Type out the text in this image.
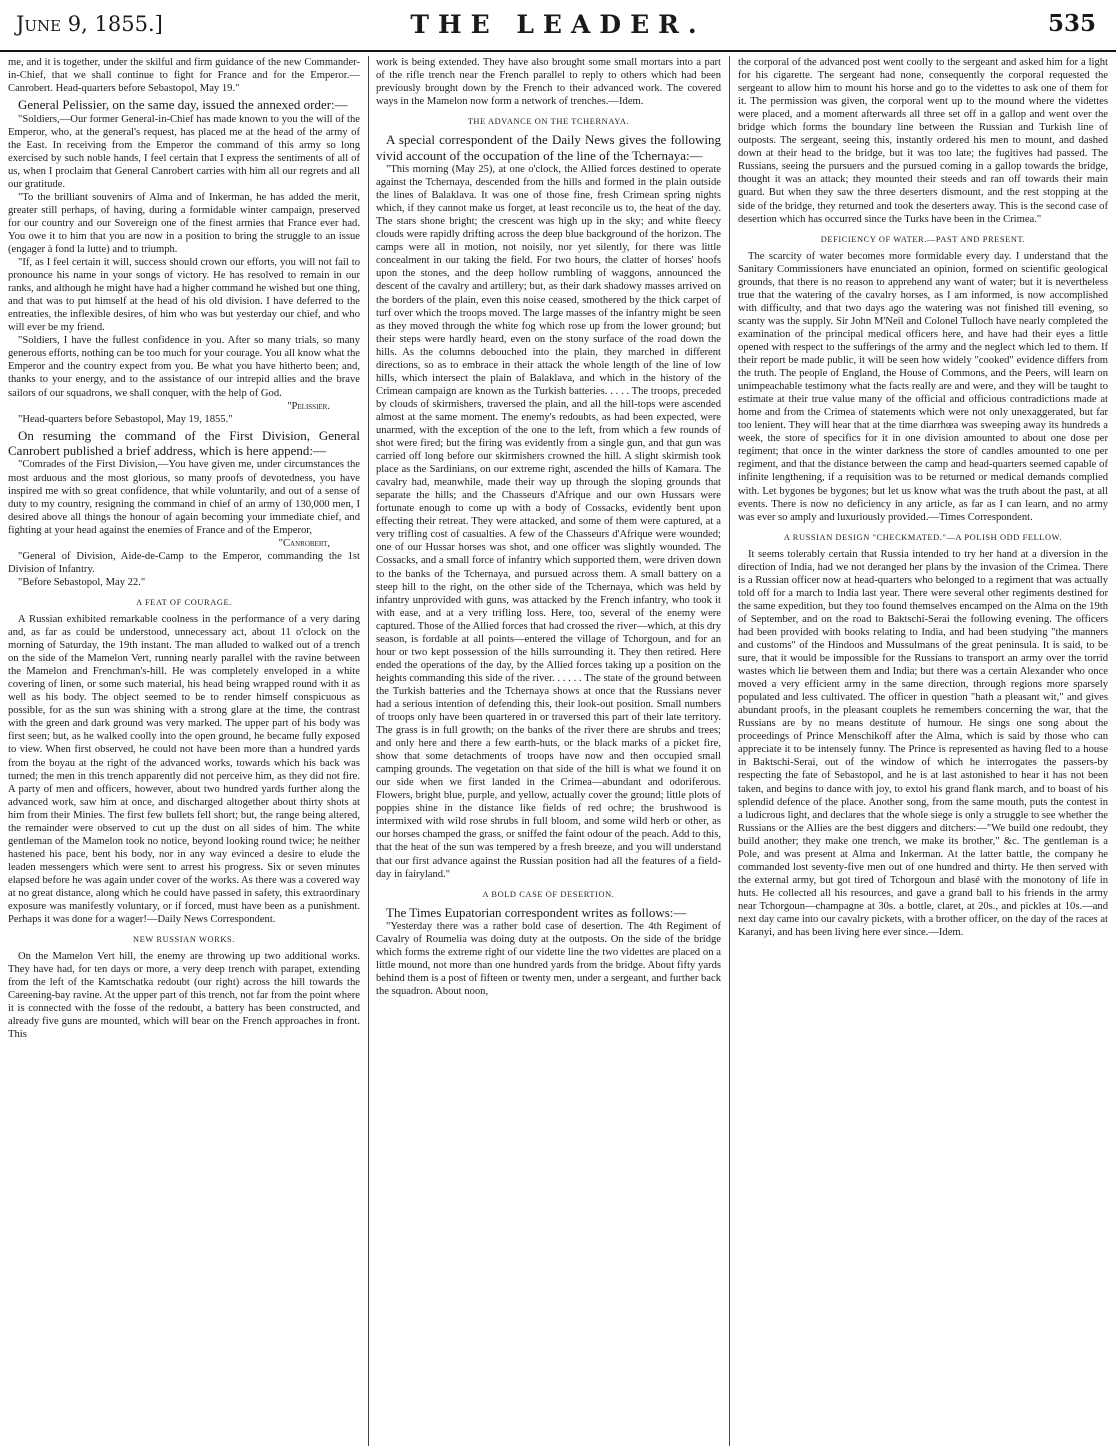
June 9, 1855.]	THE LEADER.	535

me, and it is together, under the skilful and firm guidance of the new Commander-in-Chief, that we shall continue to fight for France and for the Emperor.—Canrobert. Head-quarters before Sebastopol, May 19."

General Pelissier, on the same day, issued the annexed order:—

"Soldiers,—Our former General-in-Chief has made known to you the will of the Emperor, who, at the general's request, has placed me at the head of the army of the East. In receiving from the Emperor the command of this army so long exercised by such noble hands, I feel certain that I express the sentiments of all of us, when I proclaim that General Canrobert carries with him all our regrets and all our gratitude.

"To the brilliant souvenirs of Alma and of Inkerman, he has added the merit, greater still perhaps, of having, during a formidable winter campaign, preserved for our country and our Sovereign one of the finest armies that France ever had. You owe it to him that you are now in a position to bring the struggle to an issue (engager à fond la lutte) and to triumph.

"If, as I feel certain it will, success should crown our efforts, you will not fail to pronounce his name in your songs of victory. He has resolved to remain in our ranks, and although he might have had a higher command he wished but one thing, and that was to put himself at the head of his old division. I have deferred to the entreaties, the inflexible desires, of him who was but yesterday our chief, and who will ever be my friend.

"Soldiers, I have the fullest confidence in you. After so many trials, so many generous efforts, nothing can be too much for your courage. You all know what the Emperor and the country expect from you. Be what you have hitherto been; and, thanks to your energy, and to the assistance of our intrepid allies and the brave sailors of our squadrons, we shall conquer, with the help of God.

"Pelissier.

"Head-quarters before Sebastopol, May 19, 1855."

On resuming the command of the First Division, General Canrobert published a brief address, which is here append:—

"Comrades of the First Division,—You have given me, under circumstances the most arduous and the most glorious, so many proofs of devotedness, you have inspired me with so great confidence, that while voluntarily, and out of a sense of duty to my country, resigning the command in chief of an army of 130,000 men, I desired above all things the honour of again becoming your immediate chief, and fighting at your head against the enemies of France and of the Emperor,

"Canrobert,

"General of Division, Aide-de-Camp to the Emperor, commanding the 1st Division of Infantry.

"Before Sebastopol, May 22."

A FEAT OF COURAGE.

A Russian exhibited remarkable coolness in the performance of a very daring and, as far as could be understood, unnecessary act, about 11 o'clock on the morning of Saturday, the 19th instant. The man alluded to walked out of a trench on the side of the Mamelon Vert, running nearly parallel with the ravine between the Mamelon and Frenchman's-hill. He was completely enveloped in a white covering of linen, or some such material, his head being wrapped round with it as well as his body. The object seemed to be to render himself conspicuous as possible, for as the sun was shining with a strong glare at the time, the contrast with the green and dark ground was very marked. The upper part of his body was first seen; but, as he walked coolly into the open ground, he became fully exposed to view. When first observed, he could not have been more than a hundred yards from the boyau at the right of the advanced works, towards which his back was turned; the men in this trench apparently did not perceive him, as they did not fire. A party of men and officers, however, about two hundred yards further along the advanced work, saw him at once, and discharged altogether about thirty shots at him from their Minies. The first few bullets fell short; but, the range being altered, the remainder were observed to cut up the dust on all sides of him. The white gentleman of the Mamelon took no notice, beyond looking round twice; he neither hastened his pace, bent his body, nor in any way evinced a desire to elude the leaden messengers which were sent to arrest his progress. Six or seven minutes elapsed before he was again under cover of the works. As there was a covered way at no great distance, along which he could have passed in safety, this extraordinary exposure was manifestly voluntary, or if forced, must have been as a punishment. Perhaps it was done for a wager!—Daily News Correspondent.

NEW RUSSIAN WORKS.

On the Mamelon Vert hill, the enemy are throwing up two additional works. They have had, for ten days or more, a very deep trench with parapet, extending from the left of the Kamtschatka redoubt (our right) across the hill towards the Careening-bay ravine. At the upper part of this trench, not far from the point where it is connected with the fosse of the redoubt, a battery has been constructed, and already five guns are mounted, which will bear on the French approaches in front. This

work is being extended. They have also brought some small mortars into a part of the rifle trench near the French parallel to reply to others which had been previously brought down by the French to their advanced work. The covered ways in the Mamelon now form a network of trenches.—Idem.

THE ADVANCE ON THE TCHERNAYA.

A special correspondent of the Daily News gives the following vivid account of the occupation of the line of the Tchernaya:—

"This morning (May 25), at one o'clock, the Allied forces destined to operate against the Tchernaya, descended from the hills and formed in the plain outside the lines of Balaklava. It was one of those fine, fresh Crimean spring nights which, if they cannot make us forget, at least reconcile us to, the heat of the day. The stars shone bright; the crescent was high up in the sky; and white fleecy clouds were rapidly drifting across the deep blue background of the horizon. The camps were all in motion, not noisily, nor yet silently, for there was little concealment in our taking the field. For two hours, the clatter of horses' hoofs upon the stones, and the deep hollow rumbling of waggons, announced the descent of the cavalry and artillery; but, as their dark shadowy masses arrived on the borders of the plain, even this noise ceased, smothered by the thick carpet of turf over which the troops moved. The large masses of the infantry might be seen as they moved through the white fog which rose up from the lower ground; but their steps were hardly heard, even on the stony surface of the road down the hills. As the columns debouched into the plain, they marched in different directions, so as to embrace in their attack the whole length of the line of low hills, which intersect the plain of Balaklava, and which in the history of the Crimean campaign are known as the Turkish batteries. . . . . The troops, preceded by clouds of skirmishers, traversed the plain, and all the hill-tops were ascended almost at the same moment. The enemy's redoubts, as had been expected, were unarmed, with the exception of the one to the left, from which a few rounds of shot were fired; but the firing was evidently from a single gun, and that gun was carried off long before our skirmishers crowned the hill. A slight skirmish took place as the Sardinians, on our extreme right, ascended the hills of Kamara. The cavalry had, meanwhile, made their way up through the sloping grounds that separate the hills; and the Chasseurs d'Afrique and our own Hussars were fortunate enough to come up with a body of Cossacks, evidently bent upon effecting their retreat. They were attacked, and some of them were captured, at a very trifling cost of casualties. A few of the Chasseurs d'Afrique were wounded; one of our Hussar horses was shot, and one officer was slightly wounded. The Cossacks, and a small force of infantry which supported them, were driven down to the banks of the Tchernaya, and pursued across them. A small battery on a steep hill to the right, on the other side of the Tchernaya, which was held by infantry unprovided with guns, was attacked by the French infantry, who took it with ease, and at a very trifling loss. Here, too, several of the enemy were captured. Those of the Allied forces that had crossed the river—which, at this dry season, is fordable at all points—entered the village of Tchorgoun, and for an hour or two kept possession of the hills surrounding it. They then retired. Here ended the operations of the day, by the Allied forces taking up a position on the heights commanding this side of the river. . . . . . The state of the ground between the Turkish batteries and the Tchernaya shows at once that the Russians never had a serious intention of defending this, their look-out position. Small numbers of troops only have been quartered in or traversed this part of their late territory. The grass is in full growth; on the banks of the river there are shrubs and trees; and only here and there a few earth-huts, or the black marks of a picket fire, show that some detachments of troops have now and then occupied small camping grounds. The vegetation on that side of the hill is what we found it on our side when we first landed in the Crimea—abundant and odoriferous. Flowers, bright blue, purple, and yellow, actually cover the ground; little plots of poppies shine in the distance like fields of red ochre; the brushwood is intermixed with wild rose shrubs in full bloom, and some wild herb or other, as our horses champed the grass, or sniffed the faint odour of the peach. Add to this, that the heat of the sun was tempered by a fresh breeze, and you will understand that our first advance against the Russian position had all the features of a field-day in fairyland."

A BOLD CASE OF DESERTION.

The Times Eupatorian correspondent writes as follows:—

"Yesterday there was a rather bold case of desertion. The 4th Regiment of Cavalry of Roumelia was doing duty at the outposts. On the side of the bridge which forms the extreme right of our vidette line the two videttes are placed on a little mound, not more than one hundred yards from the bridge. About fifty yards behind them is a post of fifteen or twenty men, under a sergeant, and further back the squadron. About noon,

the corporal of the advanced post went coolly to the sergeant and asked him for a light for his cigarette. The sergeant had none, consequently the corporal requested the sergeant to allow him to mount his horse and go to the videttes to ask one of them for it. The permission was given, the corporal went up to the mound where the videttes were placed, and a moment afterwards all three set off in a gallop and went over the bridge which forms the boundary line between the Russian and Turkish line of outposts. The sergeant, seeing this, instantly ordered his men to mount, and dashed down at their head to the bridge, but it was too late; the fugitives had passed. The Russians, seeing the pursuers and the pursued coming in a gallop towards the bridge, thought it was an attack; they mounted their steeds and ran off towards their main guard. But when they saw the three deserters dismount, and the rest stopping at the side of the bridge, they returned and took the deserters away. This is the second case of desertion which has occurred since the Turks have been in the Crimea."

DEFICIENCY OF WATER.—PAST AND PRESENT.

The scarcity of water becomes more formidable every day. I understand that the Sanitary Commissioners have enunciated an opinion, formed on scientific geological grounds, that there is no reason to apprehend any want of water; but it is nevertheless true that the watering of the cavalry horses, as I am informed, is now accomplished with difficulty, and that two days ago the watering was not finished till evening, so scanty was the supply. Sir John M'Neil and Colonel Tulloch have nearly completed the examination of the principal medical officers here, and have had their eyes a little opened with respect to the sufferings of the army and the neglect which led to them. If their report be made public, it will be seen how widely "cooked" evidence differs from the truth. The people of England, the House of Commons, and the Peers, will learn on unimpeachable testimony what the facts really are and were, and they will be taught to estimate at their true value many of the official and officious contradictions made at home and from the Crimea of statements which were not only unexaggerated, but far too lenient. They will hear that at the time diarrhœa was sweeping away its hundreds a week, the store of specifics for it in one division amounted to about one dose per regiment; that once in the winter darkness the store of candles amounted to one per regiment, and that the distance between the camp and head-quarters seemed capable of infinite lengthening, if a requisition was to be returned or medical demands complied with. Let bygones be bygones; but let us know what was the truth about the past, at all events. There is now no deficiency in any article, as far as I can learn, and no army was ever so amply and luxuriously provided.—Times Correspondent.

A RUSSIAN DESIGN "CHECKMATED."—A POLISH ODD FELLOW.

It seems tolerably certain that Russia intended to try her hand at a diversion in the direction of India, had we not deranged her plans by the invasion of the Crimea. There is a Russian officer now at head-quarters who belonged to a regiment that was actually told off for a march to India last year. There were several other regiments destined for the same expedition, but they too found themselves encamped on the Alma on the 19th of September, and on the road to Baktschi-Serai the following evening. The officers had been provided with books relating to India, and had been studying "the manners and customs" of the Hindoos and Mussulmans of the great peninsula. It is said, to be sure, that it would be impossible for the Russians to transport an army over the torrid wastes which lie between them and India; but there was a certain Alexander who once moved a very efficient army in the same direction, through regions more sparsely populated and less cultivated. The officer in question "hath a pleasant wit," and gives abundant proofs, in the pleasant couplets he remembers concerning the war, that the Russians are by no means destitute of humour. He sings one song about the proceedings of Prince Menschikoff after the Alma, which is said by those who can appreciate it to be intensely funny. The Prince is represented as having fled to a house in Baktschi-Serai, out of the window of which he interrogates the passers-by respecting the fate of Sebastopol, and he is at last astonished to hear it has not been taken, and begins to dance with joy, to extol his grand flank march, and to boast of his splendid defence of the place. Another song, from the same mouth, puts the contest in a ludicrous light, and declares that the whole siege is only a struggle to see whether the Russians or the Allies are the best diggers and ditchers:—"We build one redoubt, they build another; they make one trench, we make its brother," &c. The gentleman is a Pole, and was present at Alma and Inkerman. At the latter battle, the company he commanded lost seventy-five men out of one hundred and thirty. He then served with the external army, but got tired of Tchorgoun and blasé with the monotony of life in huts. He collected all his resources, and gave a grand ball to his friends in the army near Tchorgoun—champagne at 30s. a bottle, claret, at 20s., and pickles at 10s.—and next day came into our cavalry pickets, with a brother officer, on the day of the races at Karanyi, and has been living here ever since.—Idem.
